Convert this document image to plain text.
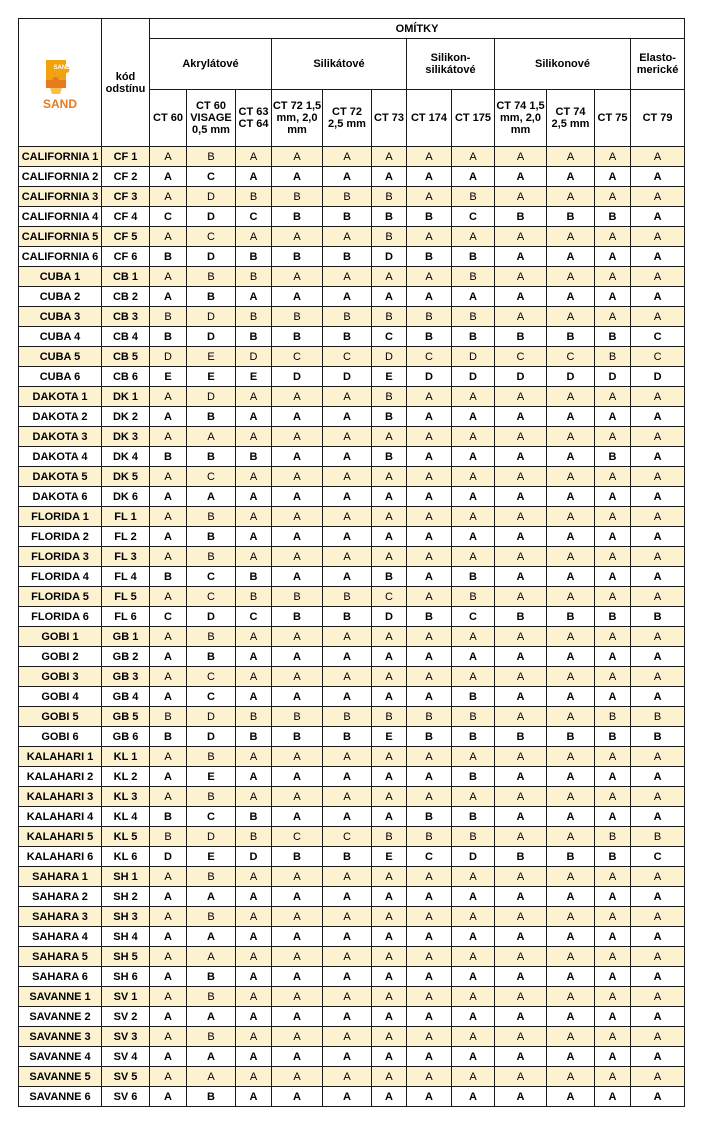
SAND
SAND	kód odstínu	OMÍTKY											
		Akrylátové			Silikátové			Silikon-silikátové		Silikonové			Elasto-merické
		CT 60	CT 60 VISAGE 0,5 mm	CT 63 CT 64	CT 72 1,5 mm, 2,0 mm	CT 72 2,5 mm	CT 73	CT 174	CT 175	CT 74 1,5 mm, 2,0 mm	CT 74 2,5 mm	CT 75	CT 79
CALIFORNIA 1	CF 1	A	B	A	A	A	A	A	A	A	A	A	A
CALIFORNIA 2	CF 2	A	C	A	A	A	A	A	A	A	A	A	A
CALIFORNIA 3	CF 3	A	D	B	B	B	B	A	B	A	A	A	A
CALIFORNIA 4	CF 4	C	D	C	B	B	B	B	C	B	B	B	A
CALIFORNIA 5	CF 5	A	C	A	A	A	B	A	A	A	A	A	A
CALIFORNIA 6	CF 6	B	D	B	B	B	D	B	B	A	A	A	A
CUBA 1	CB 1	A	B	B	A	A	A	A	B	A	A	A	A
CUBA 2	CB 2	A	B	A	A	A	A	A	A	A	A	A	A
CUBA 3	CB 3	B	D	B	B	B	B	B	B	A	A	A	A
CUBA 4	CB 4	B	D	B	B	B	C	B	B	B	B	B	C
CUBA 5	CB 5	D	E	D	C	C	D	C	D	C	C	B	C
CUBA 6	CB 6	E	E	E	D	D	E	D	D	D	D	D	D
DAKOTA 1	DK 1	A	D	A	A	A	B	A	A	A	A	A	A
DAKOTA 2	DK 2	A	B	A	A	A	B	A	A	A	A	A	A
DAKOTA 3	DK 3	A	A	A	A	A	A	A	A	A	A	A	A
DAKOTA 4	DK 4	B	B	B	A	A	B	A	A	A	A	B	A
DAKOTA 5	DK 5	A	C	A	A	A	A	A	A	A	A	A	A
DAKOTA 6	DK 6	A	A	A	A	A	A	A	A	A	A	A	A
FLORIDA 1	FL 1	A	B	A	A	A	A	A	A	A	A	A	A
FLORIDA 2	FL 2	A	B	A	A	A	A	A	A	A	A	A	A
FLORIDA 3	FL 3	A	B	A	A	A	A	A	A	A	A	A	A
FLORIDA 4	FL 4	B	C	B	A	A	B	A	B	A	A	A	A
FLORIDA 5	FL 5	A	C	B	B	B	C	A	B	A	A	A	A
FLORIDA 6	FL 6	C	D	C	B	B	D	B	C	B	B	B	B
GOBI 1	GB 1	A	B	A	A	A	A	A	A	A	A	A	A
GOBI 2	GB 2	A	B	A	A	A	A	A	A	A	A	A	A
GOBI 3	GB 3	A	C	A	A	A	A	A	A	A	A	A	A
GOBI 4	GB 4	A	C	A	A	A	A	A	B	A	A	A	A
GOBI 5	GB 5	B	D	B	B	B	B	B	B	A	A	B	B
GOBI 6	GB 6	B	D	B	B	B	E	B	B	B	B	B	B
KALAHARI 1	KL 1	A	B	A	A	A	A	A	A	A	A	A	A
KALAHARI 2	KL 2	A	E	A	A	A	A	A	B	A	A	A	A
KALAHARI 3	KL 3	A	B	A	A	A	A	A	A	A	A	A	A
KALAHARI 4	KL 4	B	C	B	A	A	A	B	B	A	A	A	A
KALAHARI 5	KL 5	B	D	B	C	C	B	B	B	A	A	B	B
KALAHARI 6	KL 6	D	E	D	B	B	E	C	D	B	B	B	C
SAHARA 1	SH 1	A	B	A	A	A	A	A	A	A	A	A	A
SAHARA 2	SH 2	A	A	A	A	A	A	A	A	A	A	A	A
SAHARA 3	SH 3	A	B	A	A	A	A	A	A	A	A	A	A
SAHARA 4	SH 4	A	A	A	A	A	A	A	A	A	A	A	A
SAHARA 5	SH 5	A	A	A	A	A	A	A	A	A	A	A	A
SAHARA 6	SH 6	A	B	A	A	A	A	A	A	A	A	A	A
SAVANNE 1	SV 1	A	B	A	A	A	A	A	A	A	A	A	A
SAVANNE 2	SV 2	A	A	A	A	A	A	A	A	A	A	A	A
SAVANNE 3	SV 3	A	B	A	A	A	A	A	A	A	A	A	A
SAVANNE 4	SV 4	A	A	A	A	A	A	A	A	A	A	A	A
SAVANNE 5	SV 5	A	A	A	A	A	A	A	A	A	A	A	A
SAVANNE 6	SV 6	A	B	A	A	A	A	A	A	A	A	A	A
